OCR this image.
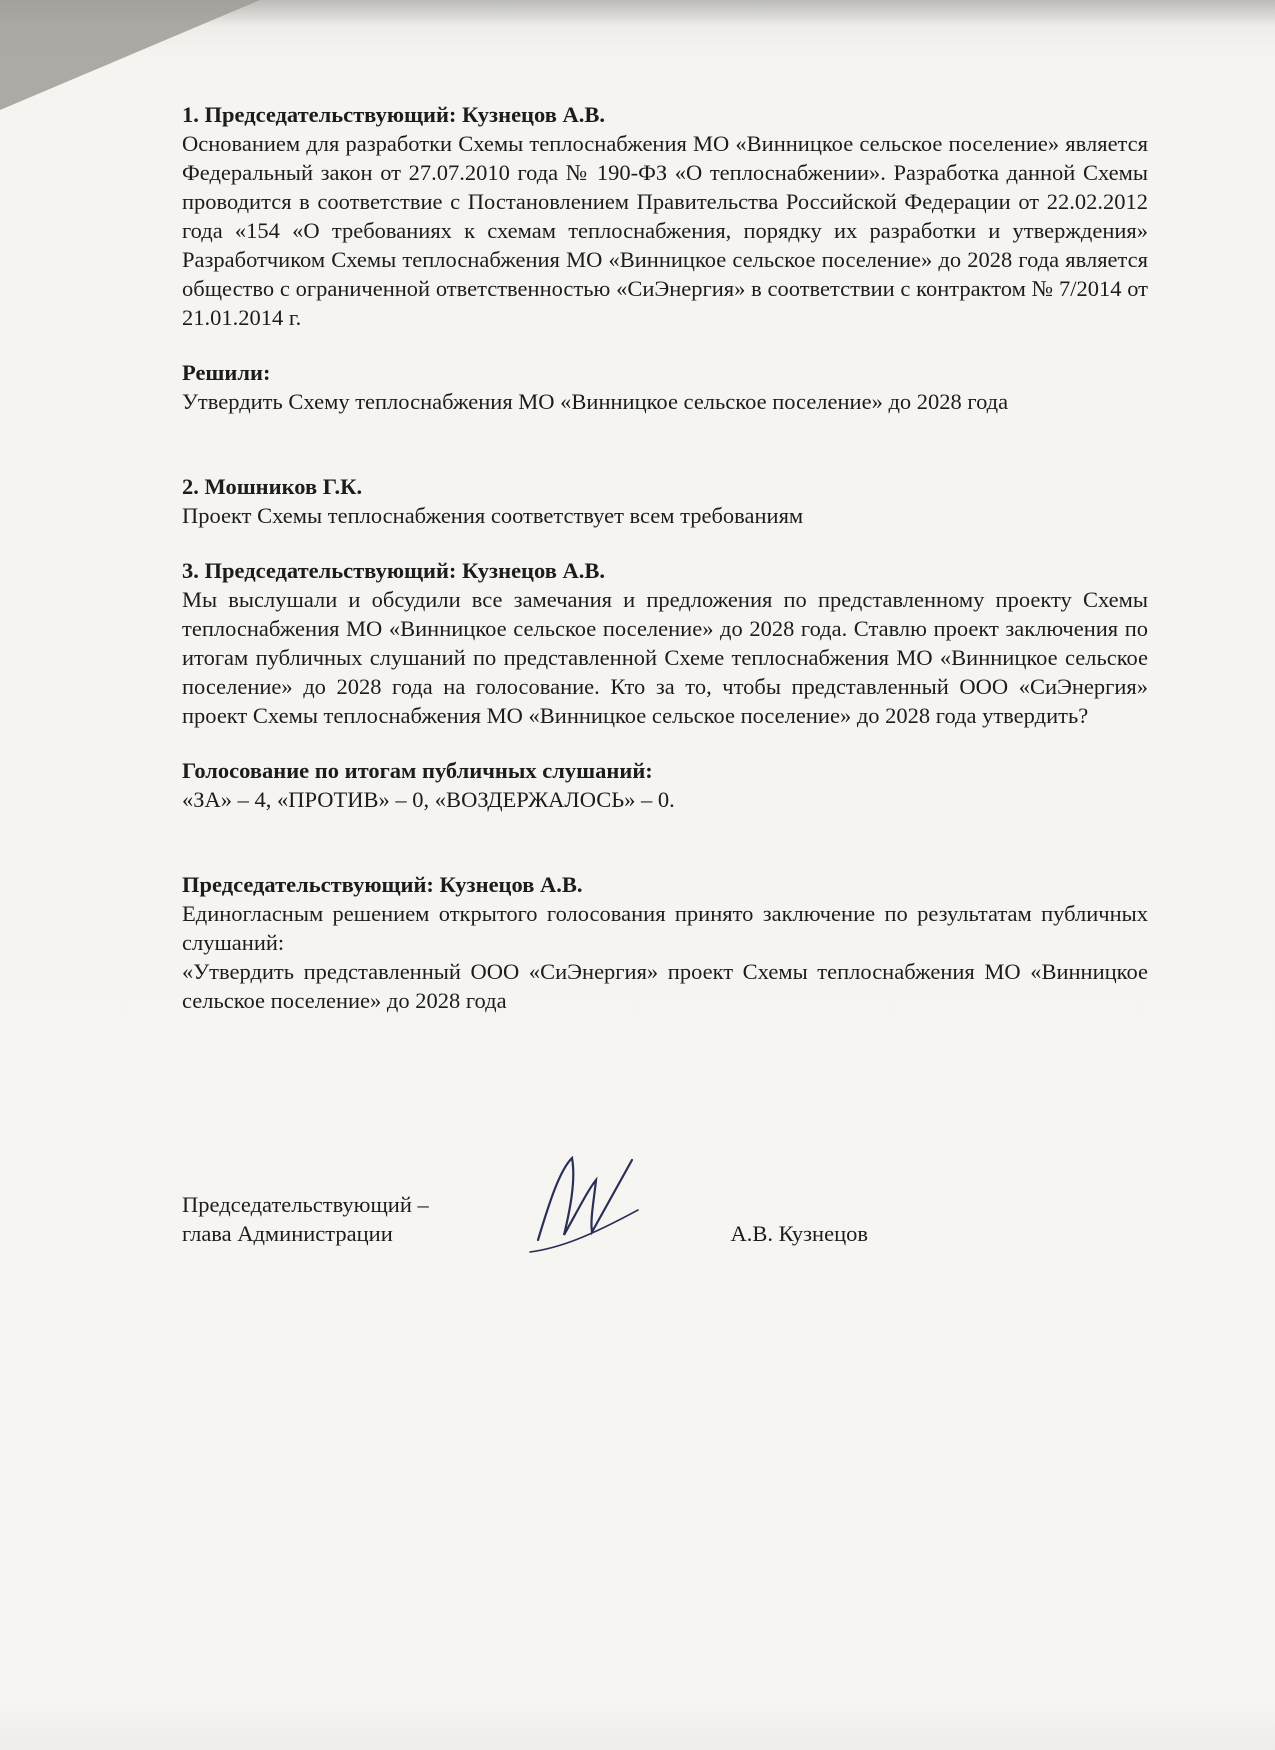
1. Председательствующий: Кузнецов А.В.

Основанием для разработки Схемы теплоснабжения МО «Винницкое сельское поселение» является Федеральный закон от 27.07.2010 года № 190-ФЗ «О теплоснабжении». Разработка данной Схемы проводится в соответствие с Постановлением Правительства Российской Федерации от 22.02.2012 года «154 «О требованиях к схемам теплоснабжения, порядку их разработки и утверждения» Разработчиком Схемы теплоснабжения МО «Винницкое сельское поселение» до 2028 года является общество с ограниченной ответственностью «СиЭнергия» в соответствии с контрактом № 7/2014 от 21.01.2014 г.

Решили:

Утвердить Схему теплоснабжения МО «Винницкое сельское поселение» до 2028 года

2. Мошников Г.К.

Проект Схемы теплоснабжения соответствует всем требованиям

3. Председательствующий: Кузнецов А.В.

Мы выслушали и обсудили все замечания и предложения по представленному проекту Схемы теплоснабжения МО «Винницкое сельское поселение» до 2028 года. Ставлю проект заключения по итогам публичных слушаний по представленной Схеме теплоснабжения МО «Винницкое сельское поселение» до 2028 года на голосование. Кто за то, чтобы представленный ООО «СиЭнергия» проект Схемы теплоснабжения МО «Винницкое сельское поселение» до 2028 года утвердить?

Голосование по итогам публичных слушаний:

«ЗА» – 4, «ПРОТИВ» – 0, «ВОЗДЕРЖАЛОСЬ» – 0.

Председательствующий: Кузнецов А.В.

Единогласным решением открытого голосования принято заключение по результатам публичных слушаний:

«Утвердить представленный ООО «СиЭнергия» проект Схемы теплоснабжения МО «Винницкое сельское поселение» до 2028 года

Председательствующий –
глава Администрации	А.В. Кузнецов
